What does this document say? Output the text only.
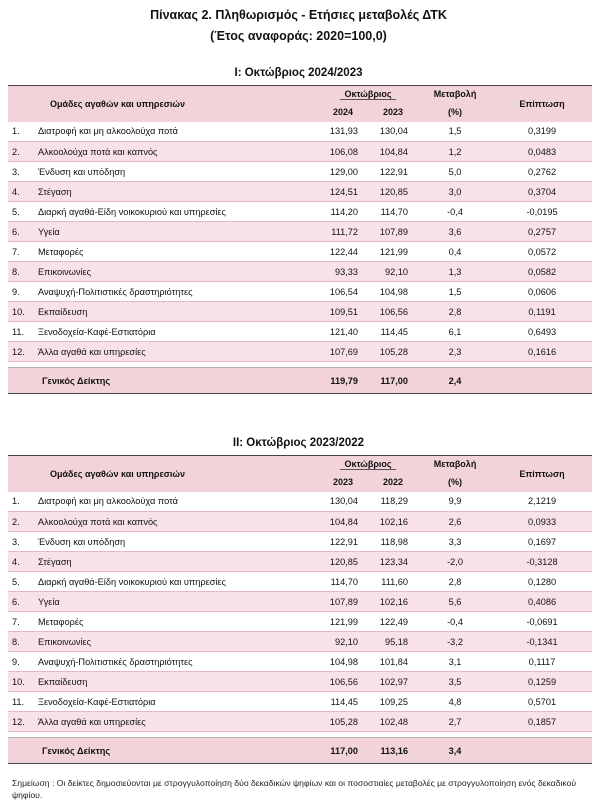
Πίνακας 2. Πληθωρισμός - Ετήσιες μεταβολές ΔΤΚ
(Έτος αναφοράς: 2020=100,0)
I: Οκτώβριος 2024/2023
Ομάδες αγαθών και υπηρεσιών		Οκτώβριος		Μεταβολή	Επίπτωση
		2024	2023	(%)	
1.	Διατροφή και μη αλκοολούχα ποτά	131,93	130,04	1,5	0,3199
2.	Αλκοολούχα ποτά και καπνός	106,08	104,84	1,2	0,0483
3.	Ένδυση και υπόδηση	129,00	122,91	5,0	0,2762
4.	Στέγαση	124,51	120,85	3,0	0,3704
5.	Διαρκή αγαθά-Είδη νοικοκυριού και υπηρεσίες	114,20	114,70	-0,4	-0,0195
6.	Υγεία	111,72	107,89	3,6	0,2757
7.	Μεταφορές	122,44	121,99	0,4	0,0572
8.	Επικοινωνίες	93,33	92,10	1,3	0,0582
9.	Αναψυχή-Πολιτιστικές δραστηριότητες	106,54	104,98	1,5	0,0606
10.	Εκπαίδευση	109,51	106,56	2,8	0,1191
11.	Ξενοδοχεία-Καφέ-Εστιατόρια	121,40	114,45	6,1	0,6493
12.	Άλλα αγαθά και υπηρεσίες	107,69	105,28	2,3	0,1616

	Γενικός Δείκτης	119,79	117,00	2,4	
II: Οκτώβριος 2023/2022
Ομάδες αγαθών και υπηρεσιών		Οκτώβριος		Μεταβολή	Επίπτωση
		2023	2022	(%)	
1.	Διατροφή και μη αλκοολούχα ποτά	130,04	118,29	9,9	2,1219
2.	Αλκοολούχα ποτά και καπνός	104,84	102,16	2,6	0,0933
3.	Ένδυση και υπόδηση	122,91	118,98	3,3	0,1697
4.	Στέγαση	120,85	123,34	-2,0	-0,3128
5.	Διαρκή αγαθά-Είδη νοικοκυριού και υπηρεσίες	114,70	111,60	2,8	0,1280
6.	Υγεία	107,89	102,16	5,6	0,4086
7.	Μεταφορές	121,99	122,49	-0,4	-0,0691
8.	Επικοινωνίες	92,10	95,18	-3,2	-0,1341
9.	Αναψυχή-Πολιτιστικές δραστηριότητες	104,98	101,84	3,1	0,1117
10.	Εκπαίδευση	106,56	102,97	3,5	0,1259
11.	Ξενοδοχεία-Καφέ-Εστιατόρια	114,45	109,25	4,8	0,5701
12.	Άλλα αγαθά και υπηρεσίες	105,28	102,48	2,7	0,1857

	Γενικός Δείκτης	117,00	113,16	3,4	
Σημείωση : Οι δείκτες δημοσιεύονται με στρογγυλοποίηση δύο δεκαδικών ψηφίων και οι ποσοστιαίες μεταβολές με στρογγυλοποίηση ενός δεκαδικού ψηφίου.
